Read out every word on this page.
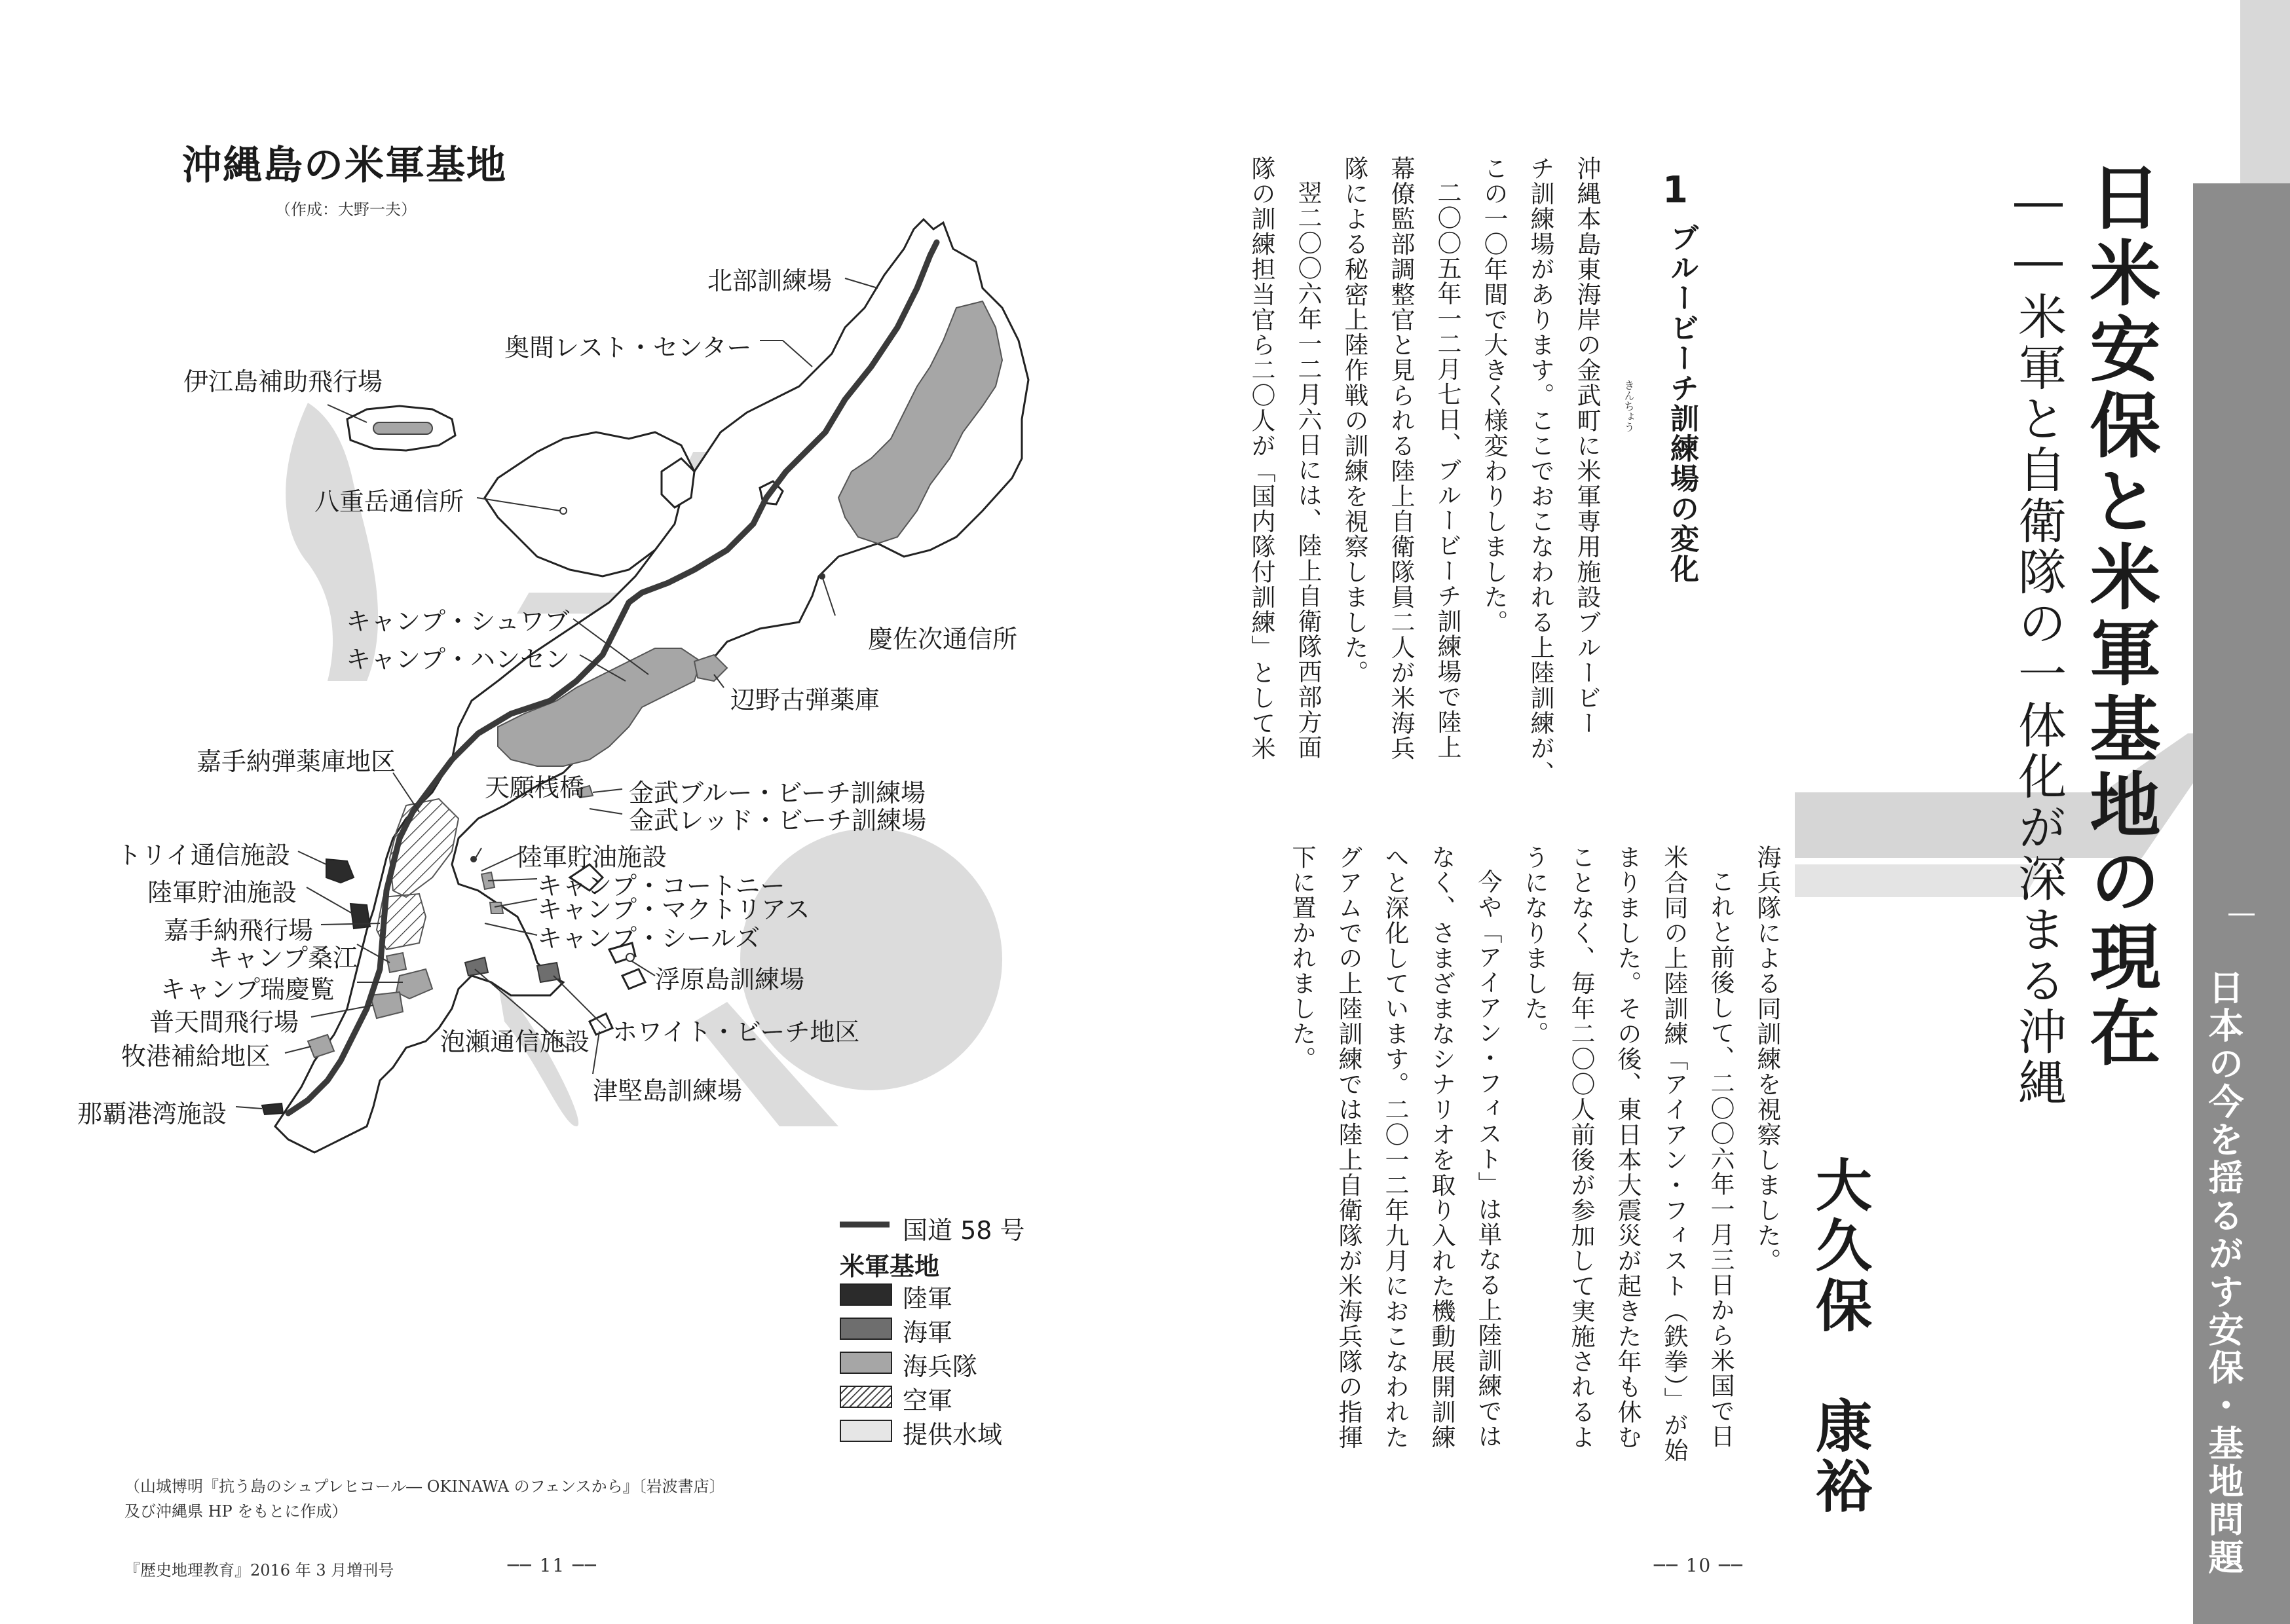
沖縄島の米軍基地
（作成：大野一夫）
北部訓練場
奥間レスト・センター
伊江島補助飛行場
八重岳通信所
キャンプ・シュワブ
キャンプ・ハンセン
慶佐次通信所
辺野古弾薬庫
嘉手納弾薬庫地区
金武ブルー・ビーチ訓練場
金武レッド・ビーチ訓練場
天願桟橋
陸軍貯油施設
キャンプ・コートニー
キャンプ・マクトリアス
キャンプ・シールズ
トリイ通信施設
陸軍貯油施設
嘉手納飛行場
キャンプ桑江
キャンプ瑞慶覧
普天間飛行場
牧港補給地区
那覇港湾施設
浮原島訓練場
ホワイト・ビーチ地区
泡瀬通信施設
津堅島訓練場
国道 58 号
米軍基地
陸軍
海軍
海兵隊
空軍
提供水域
（山城博明『抗う島のシュプレヒコール― OKINAWA のフェンスから』〔岩波書店〕
及び沖縄県 HP をもとに作成）
『歴史地理教育』2016 年 3 月増刊号	── 11 ──	── 10 ──	日本の今を揺るがす安保・基地問題
日米安保と米軍基地の現在
――米軍と自衛隊の一体化が深まる沖縄
大久保　康裕
1
ブルービーチ訓練場の変化
きんちょう
沖縄本島東海岸の金武町に米軍専用施設ブルービー
チ訓練場があります。ここでおこなわれる上陸訓練が、
この一〇年間で大きく様変わりしました。
二〇〇五年一二月七日、ブルービーチ訓練場で陸上
幕僚監部調整官と見られる陸上自衛隊員二人が米海兵
隊による秘密上陸作戦の訓練を視察しました。
翌二〇〇六年一二月六日には、陸上自衛隊西部方面
隊の訓練担当官ら二〇人が「国内隊付訓練」として米
海兵隊による同訓練を視察しました。
これと前後して、二〇〇六年一月三日から米国で日
米合同の上陸訓練「アイアン・フィスト（鉄拳）」が始
まりました。その後、東日本大震災が起きた年も休む
ことなく、毎年二〇〇人前後が参加して実施されるよ
うになりました。
今や「アイアン・フィスト」は単なる上陸訓練では
なく、さまざまなシナリオを取り入れた機動展開訓練
へと深化しています。二〇一二年九月におこなわれた
グアムでの上陸訓練では陸上自衛隊が米海兵隊の指揮
下に置かれました。
